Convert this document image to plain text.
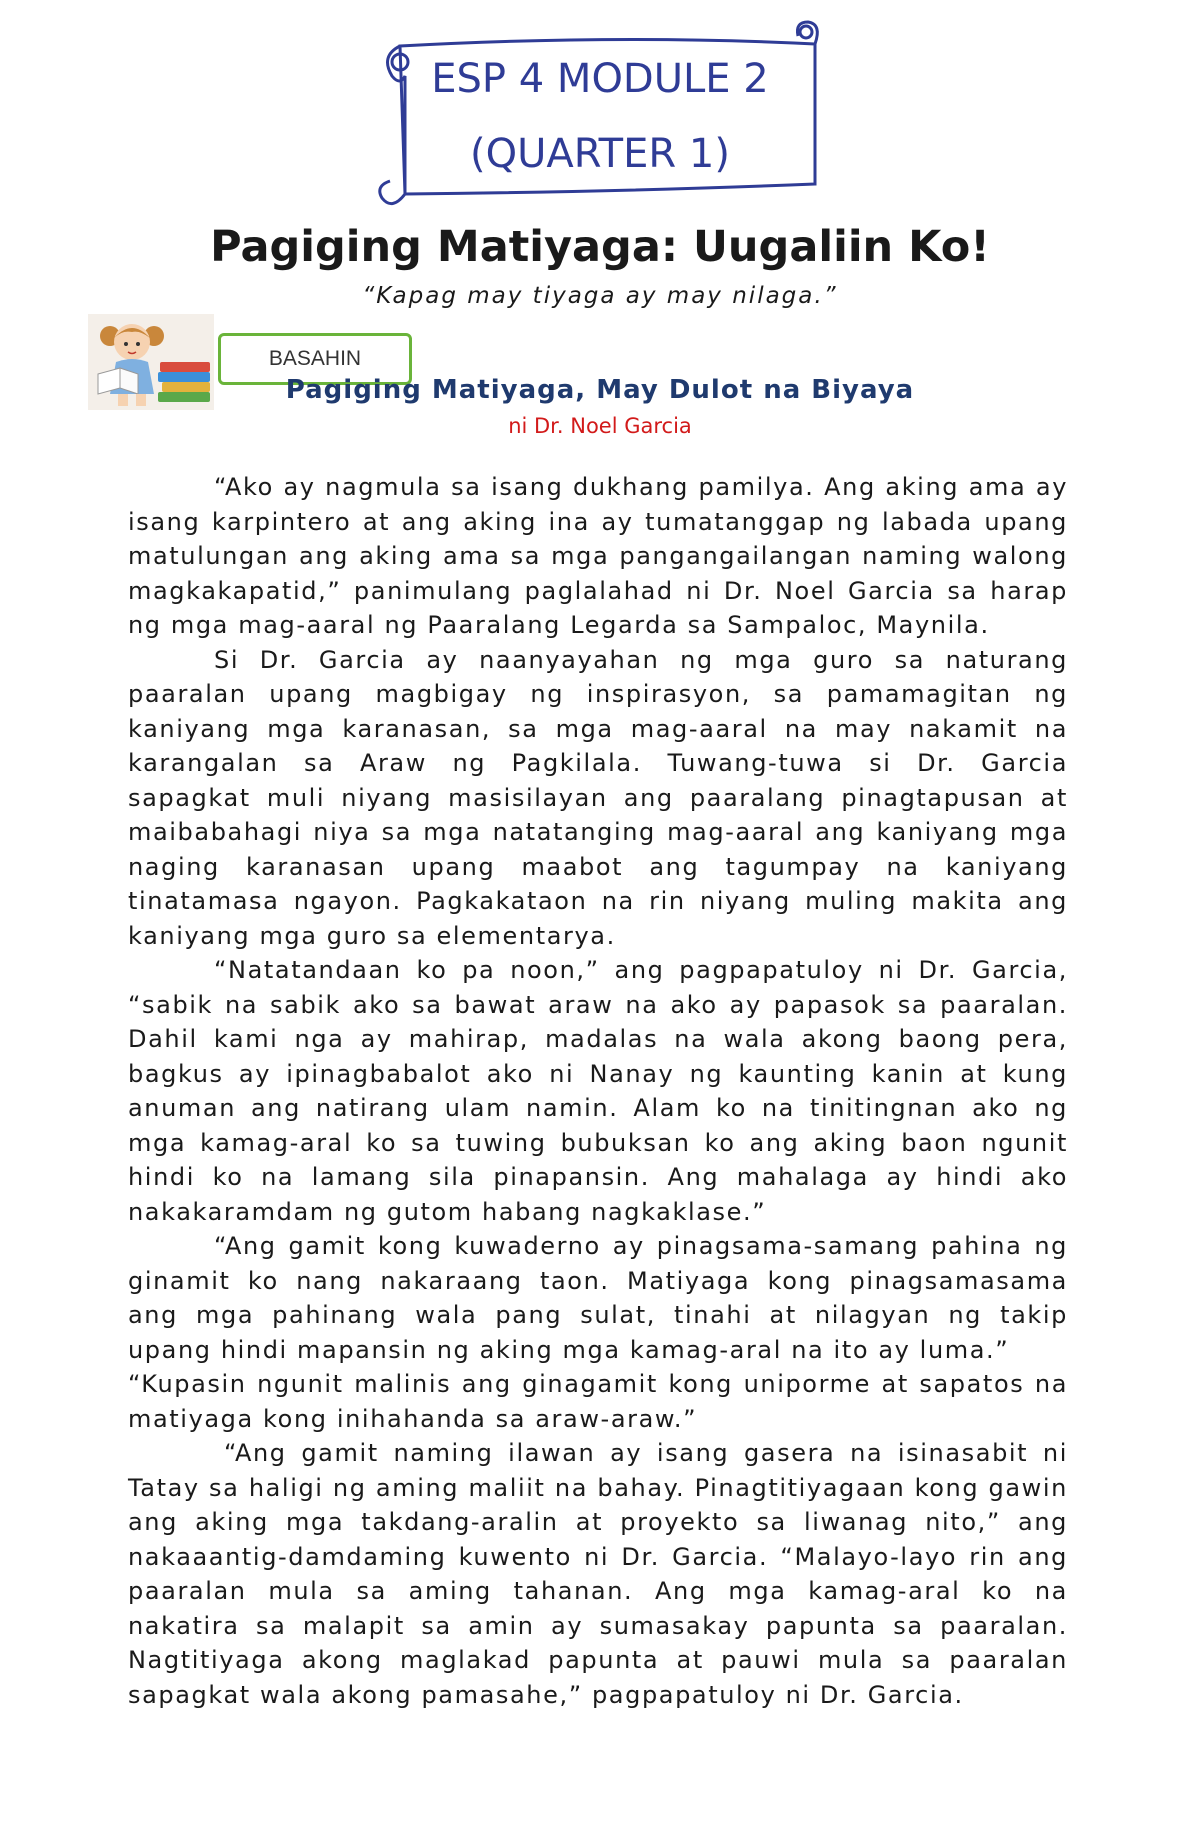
ESP 4 MODULE 2
(QUARTER 1)
Pagiging Matiyaga: Uugaliin Ko!
“Kapag may tiyaga ay may nilaga.”
BASAHIN
Pagiging Matiyaga, May Dulot na Biyaya
ni Dr. Noel Garcia

“Ako ay nagmula sa isang dukhang pamilya. Ang aking ama ay isang karpintero at ang aking ina ay tumatanggap ng labada upang matulungan ang aking ama sa mga pangangailangan naming walong magkakapatid,” panimulang paglalahad ni Dr. Noel Garcia sa harap ng mga mag-aaral ng Paaralang Legarda sa Sampaloc, Maynila.

Si Dr. Garcia ay naanyayahan ng mga guro sa naturang paaralan upang magbigay ng inspirasyon, sa pamamagitan ng kaniyang mga karanasan, sa mga mag-aaral na may nakamit na karangalan sa Araw ng Pagkilala. Tuwang-tuwa si Dr. Garcia sapagkat muli niyang masisilayan ang paaralang pinagtapusan at maibabahagi niya sa mga natatanging mag-aaral ang kaniyang mga naging karanasan upang maabot ang tagumpay na kaniyang tinatamasa ngayon. Pagkakataon na rin niyang muling makita ang kaniyang mga guro sa elementarya.

“Natatandaan ko pa noon,” ang pagpapatuloy ni Dr. Garcia, “sabik na sabik ako sa bawat araw na ako ay papasok sa paaralan. Dahil kami nga ay mahirap, madalas na wala akong baong pera, bagkus ay ipinagbabalot ako ni Nanay ng kaunting kanin at kung anuman ang natirang ulam namin. Alam ko na tinitingnan ako ng mga kamag-aral ko sa tuwing bubuksan ko ang aking baon ngunit hindi ko na lamang sila pinapansin. Ang mahalaga ay hindi ako nakakaramdam ng gutom habang nagkaklase.”

“Ang gamit kong kuwaderno ay pinagsama-samang pahina ng ginamit ko nang nakaraang taon. Matiyaga kong pinagsamasama ang mga pahinang wala pang sulat, tinahi at nilagyan ng takip upang hindi mapansin ng aking mga kamag-aral na ito ay luma.”

“Kupasin ngunit malinis ang ginagamit kong uniporme at sapatos na matiyaga kong inihahanda sa araw-araw.”

“Ang gamit naming ilawan ay isang gasera na isinasabit ni Tatay sa haligi ng aming maliit na bahay. Pinagtitiyagaan kong gawin ang aking mga takdang-aralin at proyekto sa liwanag nito,” ang nakaaantig-damdaming kuwento ni Dr. Garcia. “Malayo-layo rin ang paaralan mula sa aming tahanan. Ang mga kamag-aral ko na nakatira sa malapit sa amin ay sumasakay papunta sa paaralan. Nagtitiyaga akong maglakad papunta at pauwi mula sa paaralan sapagkat wala akong pamasahe,” pagpapatuloy ni Dr. Garcia.
